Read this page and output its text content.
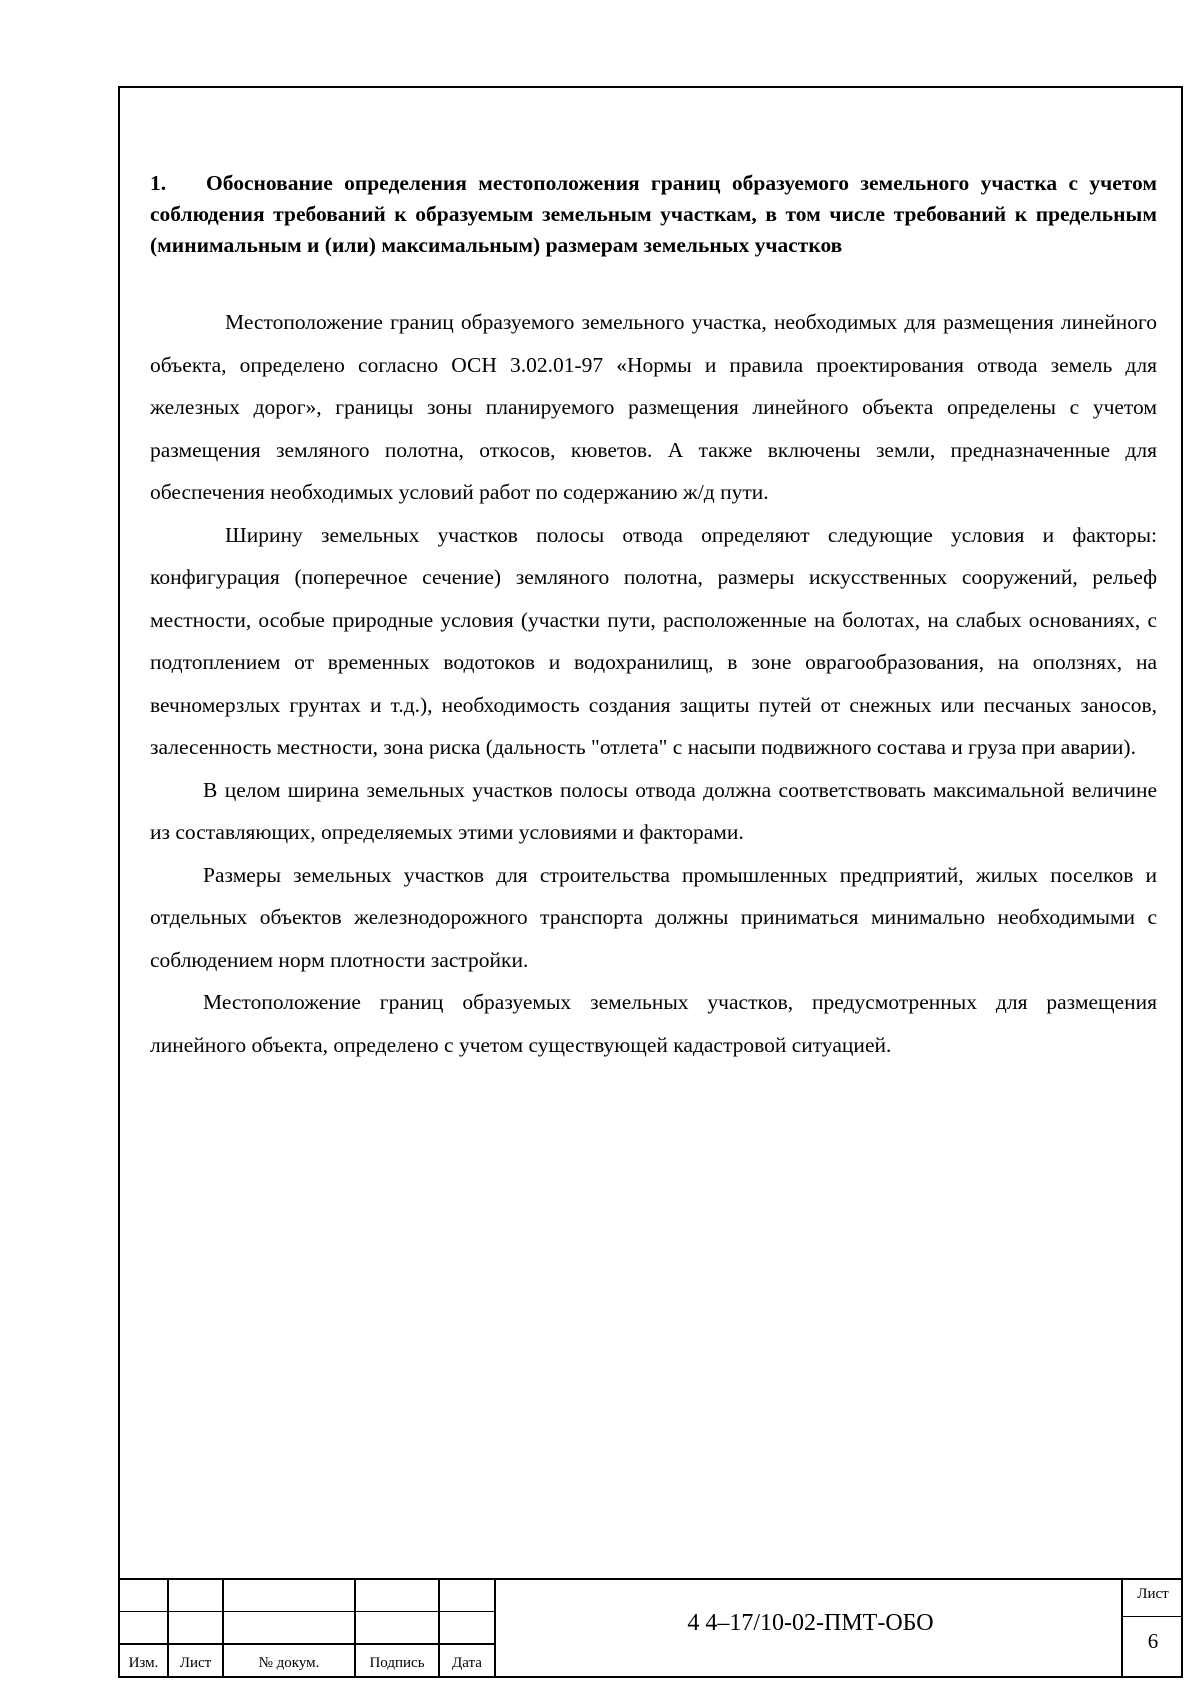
1. Обоснование определения местоположения границ образуемого земельного участка с учетом соблюдения требований к образуемым земельным участкам, в том числе требований к предельным (минимальным и (или) максимальным) размерам земельных участков

Местоположение границ образуемого земельного участка, необходимых для размещения линейного объекта, определено согласно ОСН 3.02.01-97 «Нормы и правила проектирования отвода земель для железных дорог», границы зоны планируемого размещения линейного объекта определены с учетом размещения земляного полотна, откосов, кюветов. А также включены земли, предназначенные для обеспечения необходимых условий работ по содержанию ж/д пути.

Ширину земельных участков полосы отвода определяют следующие условия и факторы: конфигурация (поперечное сечение) земляного полотна, размеры искусственных сооружений, рельеф местности, особые природные условия (участки пути, расположенные на болотах, на слабых основаниях, с подтоплением от временных водотоков и водохранилищ, в зоне оврагообразования, на оползнях, на вечномерзлых грунтах и т.д.), необходимость создания защиты путей от снежных или песчаных заносов, залесенность местности, зона риска (дальность "отлета" с насыпи подвижного состава и груза при аварии).

В целом ширина земельных участков полосы отвода должна соответствовать максимальной величине из составляющих, определяемых этими условиями и факторами.

Размеры земельных участков для строительства промышленных предприятий, жилых поселков и отдельных объектов железнодорожного транспорта должны приниматься минимально необходимыми с соблюдением норм плотности застройки.

Местоположение границ образуемых земельных участков, предусмотренных для размещения линейного объекта, определено с учетом существующей кадастровой ситуацией.

Изм.	Лист	№ докум.	Подпись	Дата
4 4–17/10-02-ПМТ-ОБО
Лист
6
